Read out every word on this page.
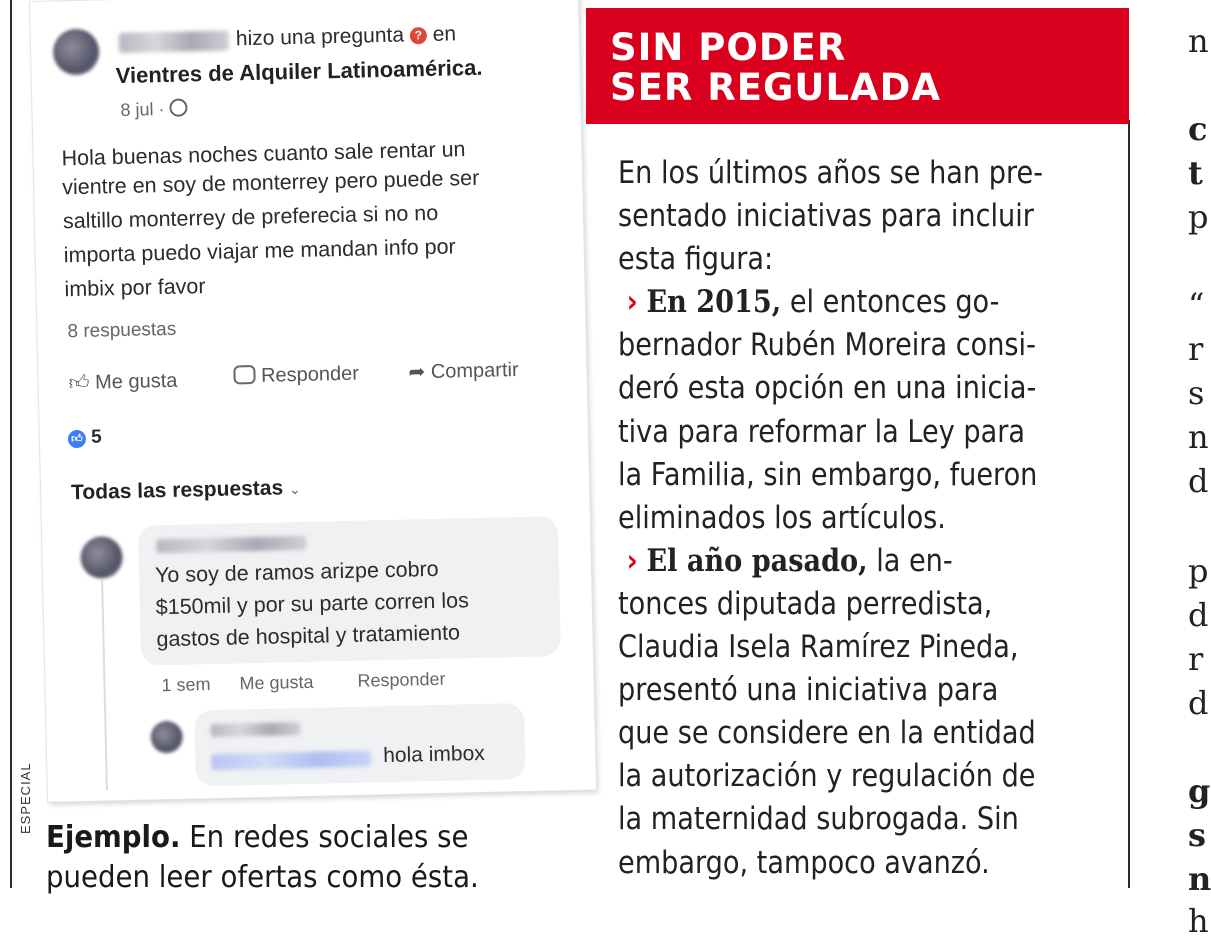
hizo una pregunta ? en
Vientres de Alquiler Latinoamérica.
8 jul ·
Hola buenas noches cuanto sale rentar un
vientre en soy de monterrey pero puede ser
saltillo monterrey de preferecia si no no
importa puedo viajar me mandan info por
imbix por favor
8 respuestas
👍︎ Me gusta	Responder ➦ Compartir
👍︎ 5
Todas las respuestas ⌄
Yo soy de ramos arizpe cobro
$150mil y por su parte corren los
gastos de hospital y tratamiento
1 sem Me gusta Responder
hola imbox
ESPECIAL
Ejemplo. En redes sociales se
pueden leer ofertas como ésta.
SIN PODER
SER REGULADA
En los últimos años se han pre-
sentado iniciativas para incluir
esta figura:
› En 2015, el entonces go-
bernador Rubén Moreira consi-
deró esta opción en una inicia-
tiva para reformar la Ley para
la Familia, sin embargo, fueron
eliminados los artículos.
› El año pasado, la en-
tonces diputada perredista,
Claudia Isela Ramírez Pineda,
presentó una iniciativa para
que se considere en la entidad
la autorización y regulación de
la maternidad subrogada. Sin
embargo, tampoco avanzó.
n
c
t
p
“
r
s
n
d
p
d
r
d
g
s
n
h
